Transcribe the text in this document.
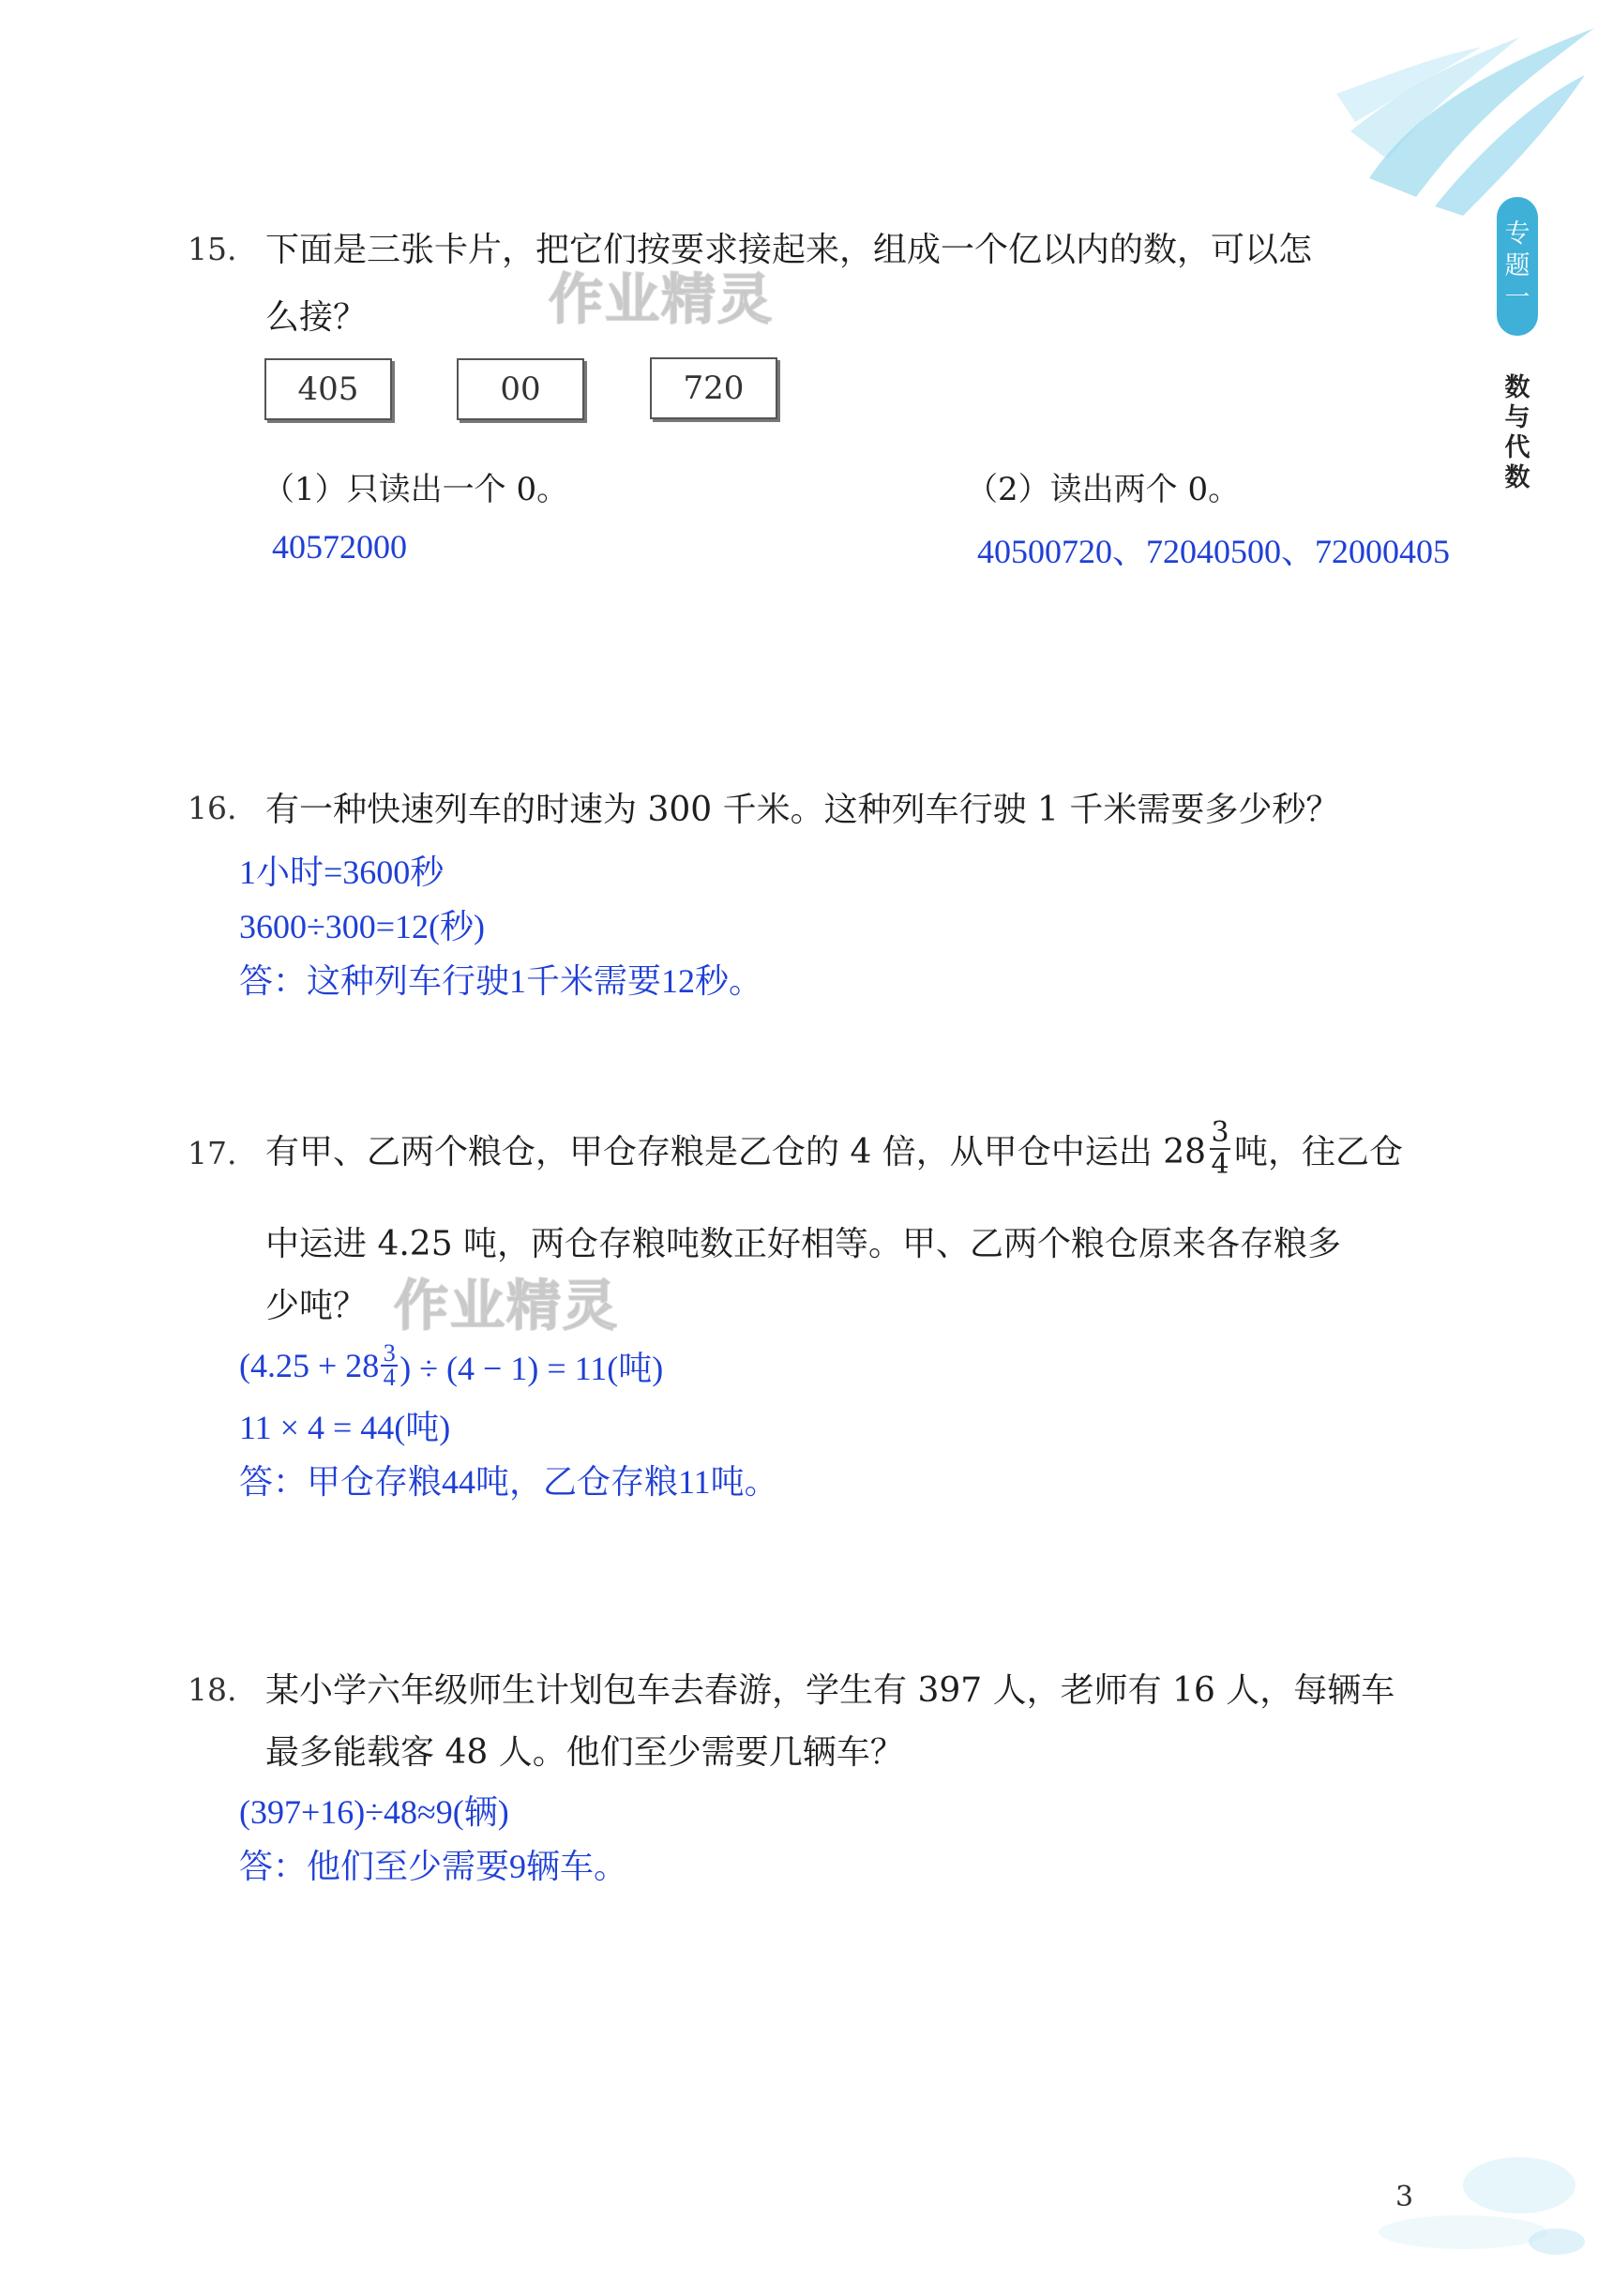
专
题
一
数
与
代
数
作业精灵
作业精灵
15. 下面是三张卡片，把它们按要求接起来，组成一个亿以内的数，可以怎
么接？
405	00	720
（1）只读出一个 0。	（2）读出两个 0。
40572000	40500720、72040500、72000405
16. 有一种快速列车的时速为 300 千米。这种列车行驶 1 千米需要多少秒？
1小时=3600秒
3600÷300=12(秒)
答：这种列车行驶1千米需要12秒。
17. 有甲、乙两个粮仓，甲仓存粮是乙仓的 4 倍，从甲仓中运出 $28 \frac{3}{4}$ 吨，往乙仓
中运进 4.25 吨，两仓存粮吨数正好相等。甲、乙两个粮仓原来各存粮多
少吨？
(4.25 + 28 3
4 ) ÷ (4 − 1) = 11(吨)
11 × 4 = 44(吨)
答：甲仓存粮44吨，乙仓存粮11吨。
18. 某小学六年级师生计划包车去春游，学生有 397 人，老师有 16 人，每辆车
最多能载客 48 人。他们至少需要几辆车？
(397+16)÷48≈9(辆)
答：他们至少需要9辆车。
3
